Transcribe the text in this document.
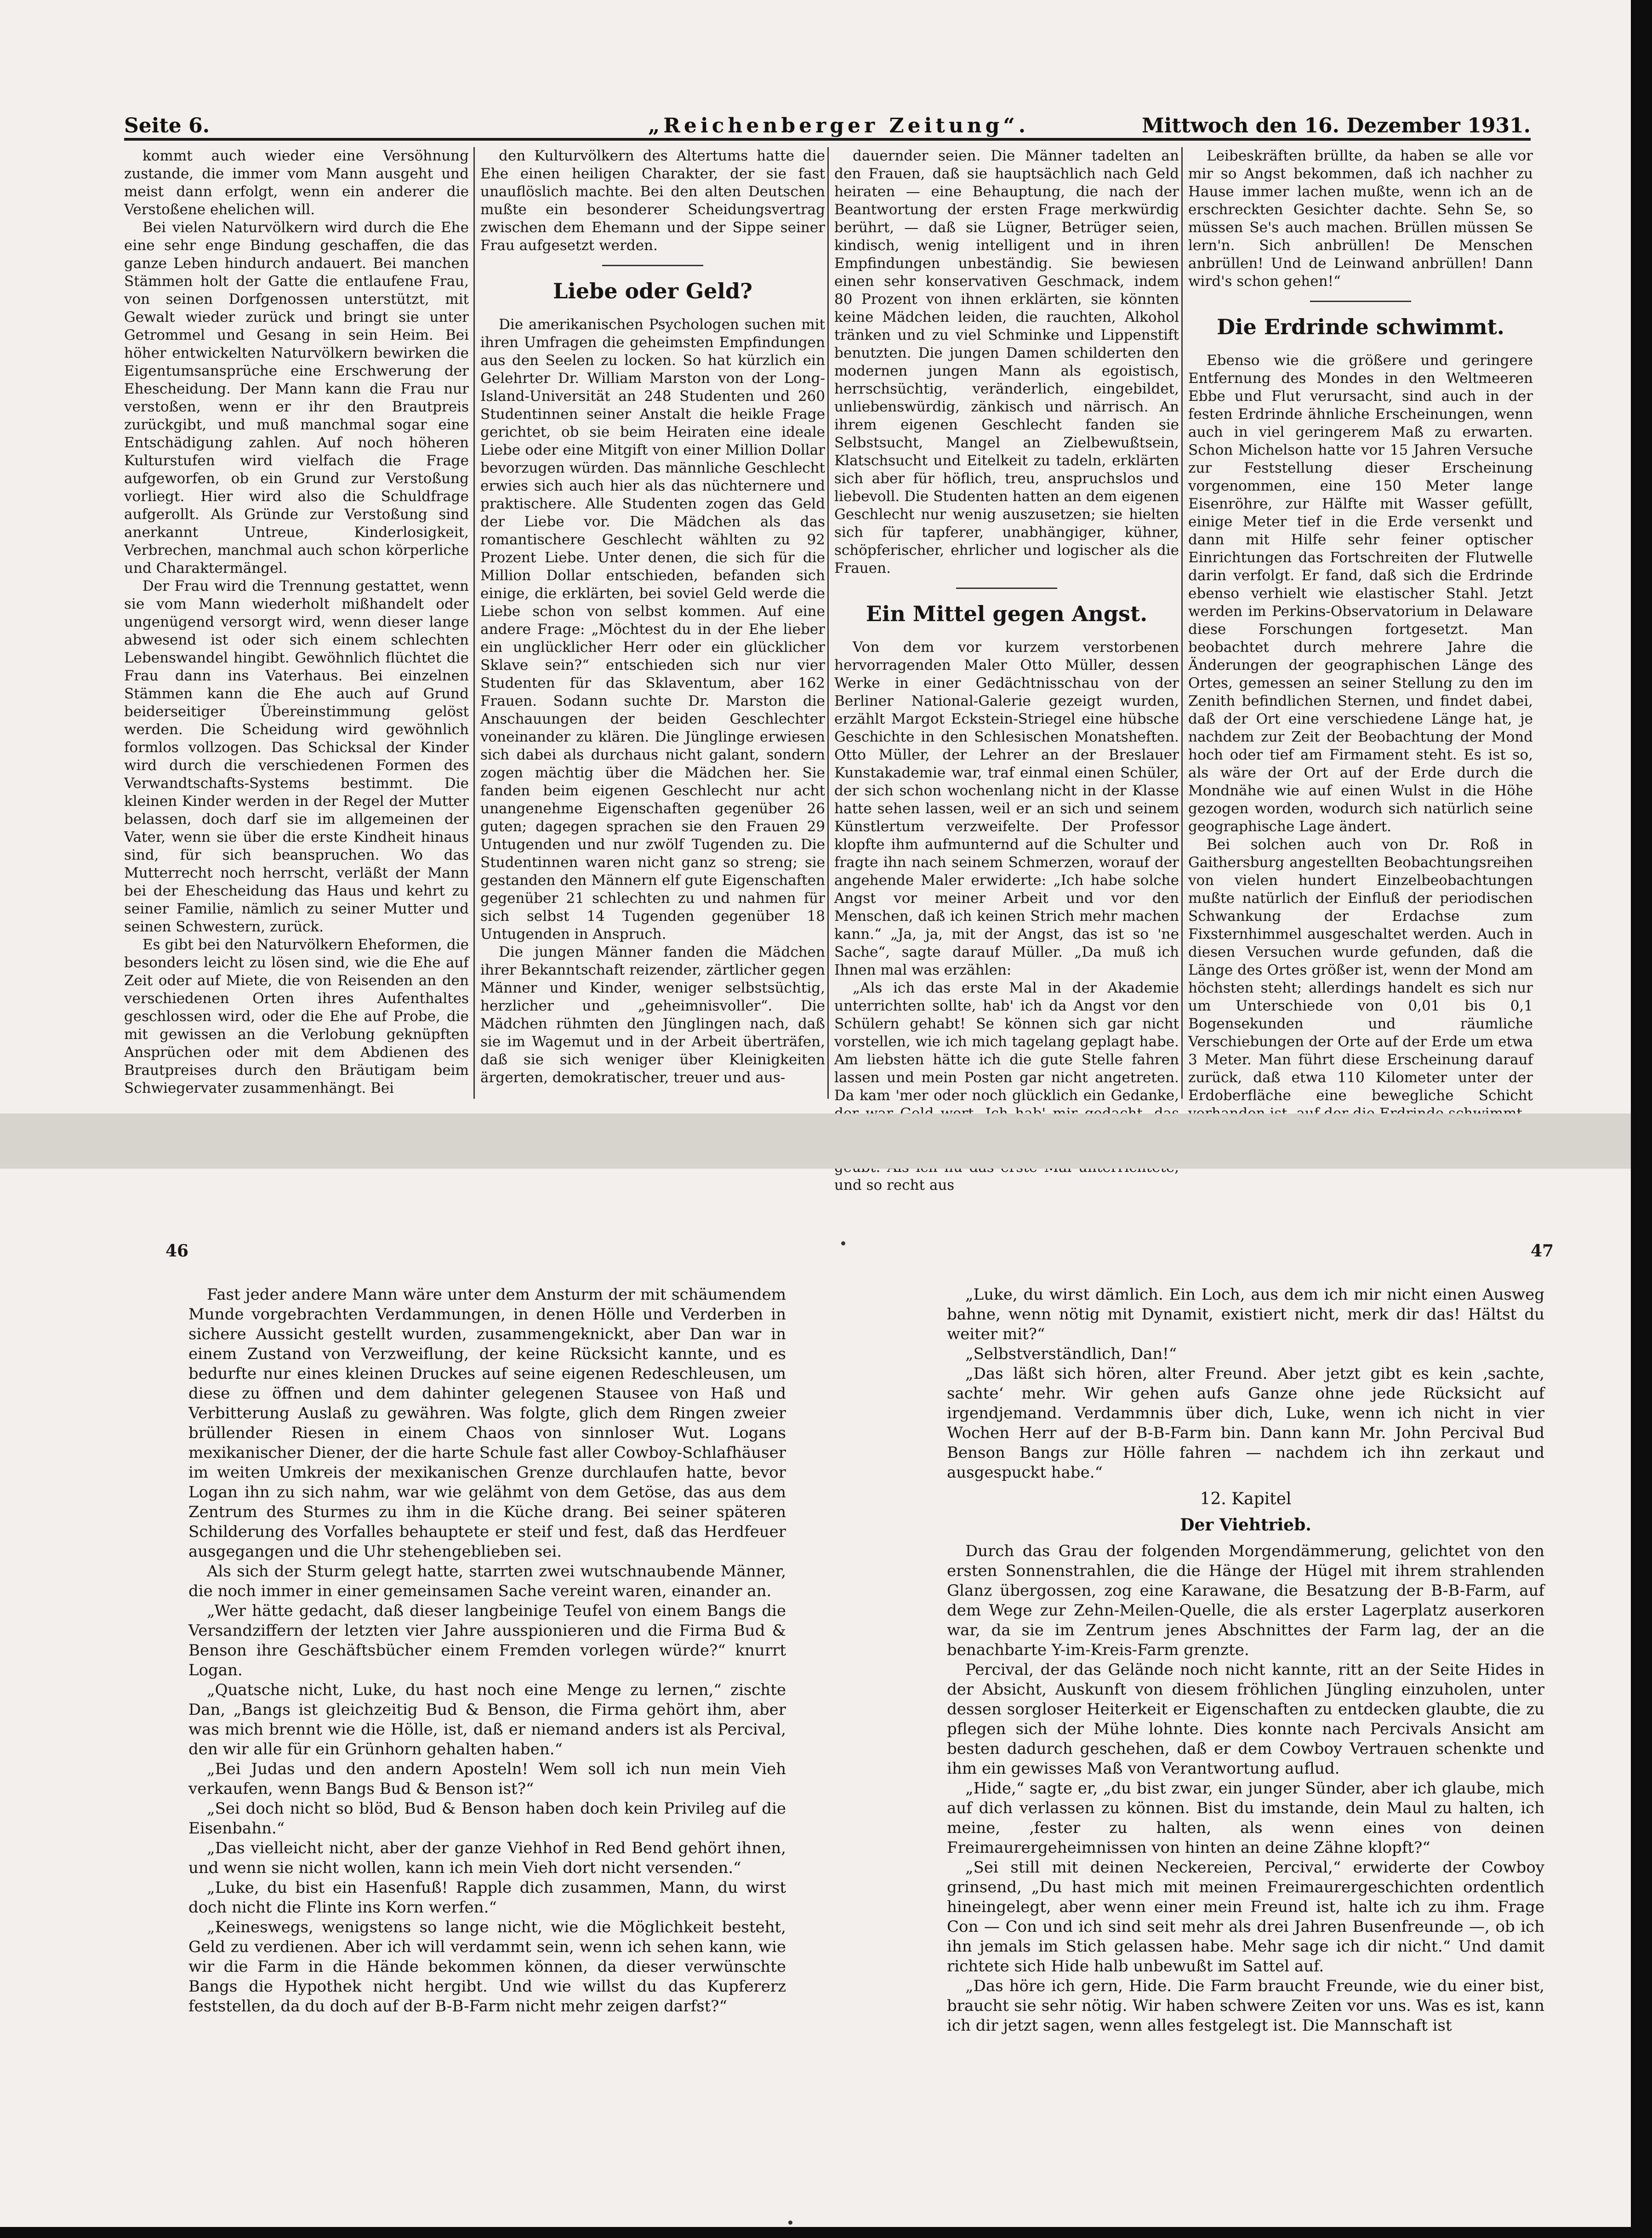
Seite 6.	„Reichenberger Zeitung“.	Mittwoch den 16. Dezember 1931.

kommt auch wieder eine Versöhnung zustande, die immer vom Mann ausgeht und meist dann erfolgt, wenn ein anderer die Verstoßene ehelichen will.

Bei vielen Naturvölkern wird durch die Ehe eine sehr enge Bindung geschaffen, die das ganze Leben hindurch andauert. Bei manchen Stämmen holt der Gatte die entlaufene Frau, von seinen Dorfgenossen unterstützt, mit Gewalt wieder zurück und bringt sie unter Getrommel und Gesang in sein Heim. Bei höher entwickelten Naturvölkern bewirken die Eigentumsansprüche eine Erschwerung der Ehescheidung. Der Mann kann die Frau nur verstoßen, wenn er ihr den Brautpreis zurückgibt, und muß manchmal sogar eine Entschädigung zahlen. Auf noch höheren Kulturstufen wird vielfach die Frage aufgeworfen, ob ein Grund zur Verstoßung vorliegt. Hier wird also die Schuldfrage aufgerollt. Als Gründe zur Verstoßung sind anerkannt Untreue, Kinderlosigkeit, Verbrechen, manchmal auch schon körperliche und Charaktermängel.

Der Frau wird die Trennung gestattet, wenn sie vom Mann wiederholt mißhandelt oder ungenügend versorgt wird, wenn dieser lange abwesend ist oder sich einem schlechten Lebenswandel hingibt. Gewöhnlich flüchtet die Frau dann ins Vaterhaus. Bei einzelnen Stämmen kann die Ehe auch auf Grund beiderseitiger Übereinstimmung gelöst werden. Die Scheidung wird gewöhnlich formlos vollzogen. Das Schicksal der Kinder wird durch die verschiedenen Formen des Verwandtschafts-Systems bestimmt. Die kleinen Kinder werden in der Regel der Mutter belassen, doch darf sie im allgemeinen der Vater, wenn sie über die erste Kindheit hinaus sind, für sich beanspruchen. Wo das Mutterrecht noch herrscht, verläßt der Mann bei der Ehescheidung das Haus und kehrt zu seiner Familie, nämlich zu seiner Mutter und seinen Schwestern, zurück.

Es gibt bei den Naturvölkern Eheformen, die besonders leicht zu lösen sind, wie die Ehe auf Zeit oder auf Miete, die von Reisenden an den verschiedenen Orten ihres Aufenthaltes geschlossen wird, oder die Ehe auf Probe, die mit gewissen an die Verlobung geknüpften Ansprüchen oder mit dem Abdienen des Brautpreises durch den Bräutigam beim Schwiegervater zusammenhängt. Bei

den Kulturvölkern des Altertums hatte die Ehe einen heiligen Charakter, der sie fast unauflöslich machte. Bei den alten Deutschen mußte ein besonderer Scheidungsvertrag zwischen dem Ehemann und der Sippe seiner Frau aufgesetzt werden.

Liebe oder Geld?

Die amerikanischen Psychologen suchen mit ihren Umfragen die geheimsten Empfindungen aus den Seelen zu locken. So hat kürzlich ein Gelehrter Dr. William Marston von der Long-Island-Universität an 248 Studenten und 260 Studentinnen seiner Anstalt die heikle Frage gerichtet, ob sie beim Heiraten eine ideale Liebe oder eine Mitgift von einer Million Dollar bevorzugen würden. Das männliche Geschlecht erwies sich auch hier als das nüchternere und praktischere. Alle Studenten zogen das Geld der Liebe vor. Die Mädchen als das romantischere Geschlecht wählten zu 92 Prozent Liebe. Unter denen, die sich für die Million Dollar entschieden, befanden sich einige, die erklärten, bei soviel Geld werde die Liebe schon von selbst kommen. Auf eine andere Frage: „Möchtest du in der Ehe lieber ein unglücklicher Herr oder ein glücklicher Sklave sein?“ entschieden sich nur vier Studenten für das Sklaventum, aber 162 Frauen. Sodann suchte Dr. Marston die Anschauungen der beiden Geschlechter voneinander zu klären. Die Jünglinge erwiesen sich dabei als durchaus nicht galant, sondern zogen mächtig über die Mädchen her. Sie fanden beim eigenen Geschlecht nur acht unangenehme Eigenschaften gegenüber 26 guten; dagegen sprachen sie den Frauen 29 Untugenden und nur zwölf Tugenden zu. Die Studentinnen waren nicht ganz so streng; sie gestanden den Männern elf gute Eigenschaften gegenüber 21 schlechten zu und nahmen für sich selbst 14 Tugenden gegenüber 18 Untugenden in Anspruch.

Die jungen Männer fanden die Mädchen ihrer Bekanntschaft reizender, zärtlicher gegen Männer und Kinder, weniger selbstsüchtig, herzlicher und „geheimnisvoller“. Die Mädchen rühmten den Jünglingen nach, daß sie im Wagemut und in der Arbeit überträfen, daß sie sich weniger über Kleinigkeiten ärgerten, demokratischer, treuer und aus-

dauernder seien. Die Männer tadelten an den Frauen, daß sie hauptsächlich nach Geld heiraten — eine Behauptung, die nach der Beantwortung der ersten Frage merkwürdig berührt, — daß sie Lügner, Betrüger seien, kindisch, wenig intelligent und in ihren Empfindungen unbeständig. Sie bewiesen einen sehr konservativen Geschmack, indem 80 Prozent von ihnen erklärten, sie könnten keine Mädchen leiden, die rauchten, Alkohol tränken und zu viel Schminke und Lippenstift benutzten. Die jungen Damen schilderten den modernen jungen Mann als egoistisch, herrschsüchtig, veränderlich, eingebildet, unliebenswürdig, zänkisch und närrisch. An ihrem eigenen Geschlecht fanden sie Selbstsucht, Mangel an Zielbewußtsein, Klatschsucht und Eitelkeit zu tadeln, erklärten sich aber für höflich, treu, anspruchslos und liebevoll. Die Studenten hatten an dem eigenen Geschlecht nur wenig auszusetzen; sie hielten sich für tapferer, unabhängiger, kühner, schöpferischer, ehrlicher und logischer als die Frauen.

Ein Mittel gegen Angst.

Von dem vor kurzem verstorbenen hervorragenden Maler Otto Müller, dessen Werke in einer Gedächtnisschau von der Berliner National-Galerie gezeigt wurden, erzählt Margot Eckstein-Striegel eine hübsche Geschichte in den Schlesischen Monatsheften. Otto Müller, der Lehrer an der Breslauer Kunstakademie war, traf einmal einen Schüler, der sich schon wochenlang nicht in der Klasse hatte sehen lassen, weil er an sich und seinem Künstlertum verzweifelte. Der Professor klopfte ihm aufmunternd auf die Schulter und fragte ihn nach seinem Schmerzen, worauf der angehende Maler erwiderte: „Ich habe solche Angst vor meiner Arbeit und vor den Menschen, daß ich keinen Strich mehr machen kann.“ „Ja, ja, mit der Angst, das ist so 'ne Sache“, sagte darauf Müller. „Da muß ich Ihnen mal was erzählen:

„Als ich das erste Mal in der Akademie unterrichten sollte, hab' ich da Angst vor den Schülern gehabt! Se können sich gar nicht vorstellen, wie ich mich tagelang geplagt habe. Am liebsten hätte ich die gute Stelle fahren lassen und mein Posten gar nicht angetreten. Da kam 'mer oder noch glücklich ein Gedanke, und so recht aus

Leibeskräften brüllte, da haben se alle vor mir so Angst bekommen, daß ich nachher zu Hause immer lachen mußte, wenn ich an de erschreckten Gesichter dachte. Sehn Se, so müssen Se's auch machen. Brüllen müssen Se lern'n. Sich anbrüllen! De Menschen anbrüllen! Und de Leinwand anbrüllen! Dann wird's schon gehen!“

Die Erdrinde schwimmt.

Ebenso wie die größere und geringere Entfernung des Mondes in den Weltmeeren Ebbe und Flut verursacht, sind auch in der festen Erdrinde ähnliche Erscheinungen, wenn auch in viel geringerem Maß zu erwarten. Schon Michelson hatte vor 15 Jahren Versuche zur Feststellung dieser Erscheinung vorgenommen, eine 150 Meter lange Eisenröhre, zur Hälfte mit Wasser gefüllt, einige Meter tief in die Erde versenkt und dann mit Hilfe sehr feiner optischer Einrichtungen das Fortschreiten der Flutwelle darin verfolgt. Er fand, daß sich die Erdrinde ebenso verhielt wie elastischer Stahl. Jetzt werden im Perkins-Observatorium in Delaware diese Forschungen fortgesetzt. Man beobachtet durch mehrere Jahre die Änderungen der geographischen Länge des Ortes, gemessen an seiner Stellung zu den im Zenith befindlichen Sternen, und findet dabei, daß der Ort eine verschiedene Länge hat, je nachdem zur Zeit der Beobachtung der Mond hoch oder tief am Firmament steht. Es ist so, als wäre der Ort auf der Erde durch die Mondnähe wie auf einen Wulst in die Höhe gezogen worden, wodurch sich natürlich seine geographische Lage ändert.

Bei solchen auch von Dr. Roß in Gaithersburg angestellten Beobachtungsreihen von vielen hundert Einzelbeobachtungen mußte natürlich der Einfluß der periodischen Schwankung der Erdachse zum Fixsternhimmel ausgeschaltet werden. Auch in diesen Versuchen wurde gefunden, daß die Länge des Ortes größer ist, wenn der Mond am höchsten steht; allerdings handelt es sich nur um Unterschiede von 0,01 bis 0,1 Bogensekunden und räumliche Verschiebungen der Orte auf der Erde um etwa 3 Meter. Man führt diese Erscheinung darauf zurück, daß etwa 110 Kilometer unter der Erdoberfläche eine bewegliche Schicht

46	47

Fast jeder andere Mann wäre unter dem Ansturm der mit schäumendem Munde vorgebrachten Verdammungen, in denen Hölle und Verderben in sichere Aussicht gestellt wurden, zusammengeknickt, aber Dan war in einem Zustand von Verzweiflung, der keine Rücksicht kannte, und es bedurfte nur eines kleinen Druckes auf seine eigenen Redeschleusen, um diese zu öffnen und dem dahinter gelegenen Stausee von Haß und Verbitterung Auslaß zu gewähren. Was folgte, glich dem Ringen zweier brüllender Riesen in einem Chaos von sinnloser Wut. Logans mexikanischer Diener, der die harte Schule fast aller Cowboy-Schlafhäuser im weiten Umkreis der mexikanischen Grenze durchlaufen hatte, bevor Logan ihn zu sich nahm, war wie gelähmt von dem Getöse, das aus dem Zentrum des Sturmes zu ihm in die Küche drang. Bei seiner späteren Schilderung des Vorfalles behauptete er steif und fest, daß das Herdfeuer ausgegangen und die Uhr stehengeblieben sei.

Als sich der Sturm gelegt hatte, starrten zwei wutschnaubende Männer, die noch immer in einer gemeinsamen Sache vereint waren, einander an.

„Wer hätte gedacht, daß dieser langbeinige Teufel von einem Bangs die Versandziffern der letzten vier Jahre ausspionieren und die Firma Bud & Benson ihre Geschäftsbücher einem Fremden vorlegen würde?“ knurrt Logan.

„Quatsche nicht, Luke, du hast noch eine Menge zu lernen,“ zischte Dan, „Bangs ist gleichzeitig Bud & Benson, die Firma gehört ihm, aber was mich brennt wie die Hölle, ist, daß er niemand anders ist als Percival, den wir alle für ein Grünhorn gehalten haben.“

„Bei Judas und den andern Aposteln! Wem soll ich nun mein Vieh verkaufen, wenn Bangs Bud & Benson ist?“

„Sei doch nicht so blöd, Bud & Benson haben doch kein Privileg auf die Eisenbahn.“

„Das vielleicht nicht, aber der ganze Viehhof in Red Bend gehört ihnen, und wenn sie nicht wollen, kann ich mein Vieh dort nicht versenden.“

„Luke, du bist ein Hasenfuß! Rapple dich zusammen, Mann, du wirst doch nicht die Flinte ins Korn werfen.“

„Keineswegs, wenigstens so lange nicht, wie die Möglichkeit besteht, Geld zu verdienen. Aber ich will verdammt sein, wenn ich sehen kann, wie wir die Farm in die Hände bekommen können, da dieser verwünschte Bangs die Hypothek nicht hergibt. Und wie willst du das Kupfererz feststellen, da du doch auf der B-B-Farm nicht mehr zeigen darfst?“

„Luke, du wirst dämlich. Ein Loch, aus dem ich mir nicht einen Ausweg bahne, wenn nötig mit Dynamit, existiert nicht, merk dir das! Hältst du weiter mit?“

„Selbstverständlich, Dan!“

„Das läßt sich hören, alter Freund. Aber jetzt gibt es kein ‚sachte, sachte‘ mehr. Wir gehen aufs Ganze ohne jede Rücksicht auf irgendjemand. Verdammnis über dich, Luke, wenn ich nicht in vier Wochen Herr auf der B-B-Farm bin. Dann kann Mr. John Percival Bud Benson Bangs zur Hölle fahren — nachdem ich ihn zerkaut und ausgespuckt habe.“

12. Kapitel

Der Viehtrieb.

Durch das Grau der folgenden Morgendämmerung, gelichtet von den ersten Sonnenstrahlen, die die Hänge der Hügel mit ihrem strahlenden Glanz übergossen, zog eine Karawane, die Besatzung der B-B-Farm, auf dem Wege zur Zehn-Meilen-Quelle, die als erster Lagerplatz auserkoren war, da sie im Zentrum jenes Abschnittes der Farm lag, der an die benachbarte Y-im-Kreis-Farm grenzte.

Percival, der das Gelände noch nicht kannte, ritt an der Seite Hides in der Absicht, Auskunft von diesem fröhlichen Jüngling einzuholen, unter dessen sorgloser Heiterkeit er Eigenschaften zu entdecken glaubte, die zu pflegen sich der Mühe lohnte. Dies konnte nach Percivals Ansicht am besten dadurch geschehen, daß er dem Cowboy Vertrauen schenkte und ihm ein gewisses Maß von Verantwortung auflud.

„Hide,“ sagte er, „du bist zwar, ein junger Sünder, aber ich glaube, mich auf dich verlassen zu können. Bist du imstande, dein Maul zu halten, ich meine, ‚fester zu halten, als wenn eines von deinen Freimaurergeheimnissen von hinten an deine Zähne klopft?“

„Sei still mit deinen Neckereien, Percival,“ erwiderte der Cowboy grinsend, „Du hast mich mit meinen Freimaurergeschichten ordentlich hineingelegt, aber wenn einer mein Freund ist, halte ich zu ihm. Frage Con — Con und ich sind seit mehr als drei Jahren Busenfreunde —, ob ich ihn jemals im Stich gelassen habe. Mehr sage ich dir nicht.“ Und damit richtete sich Hide halb unbewußt im Sattel auf.

„Das höre ich gern, Hide. Die Farm braucht Freunde, wie du einer bist, braucht sie sehr nötig. Wir haben schwere Zeiten vor uns. Was es ist, kann ich dir jetzt sagen, wenn alles festgelegt ist. Die Mannschaft ist
